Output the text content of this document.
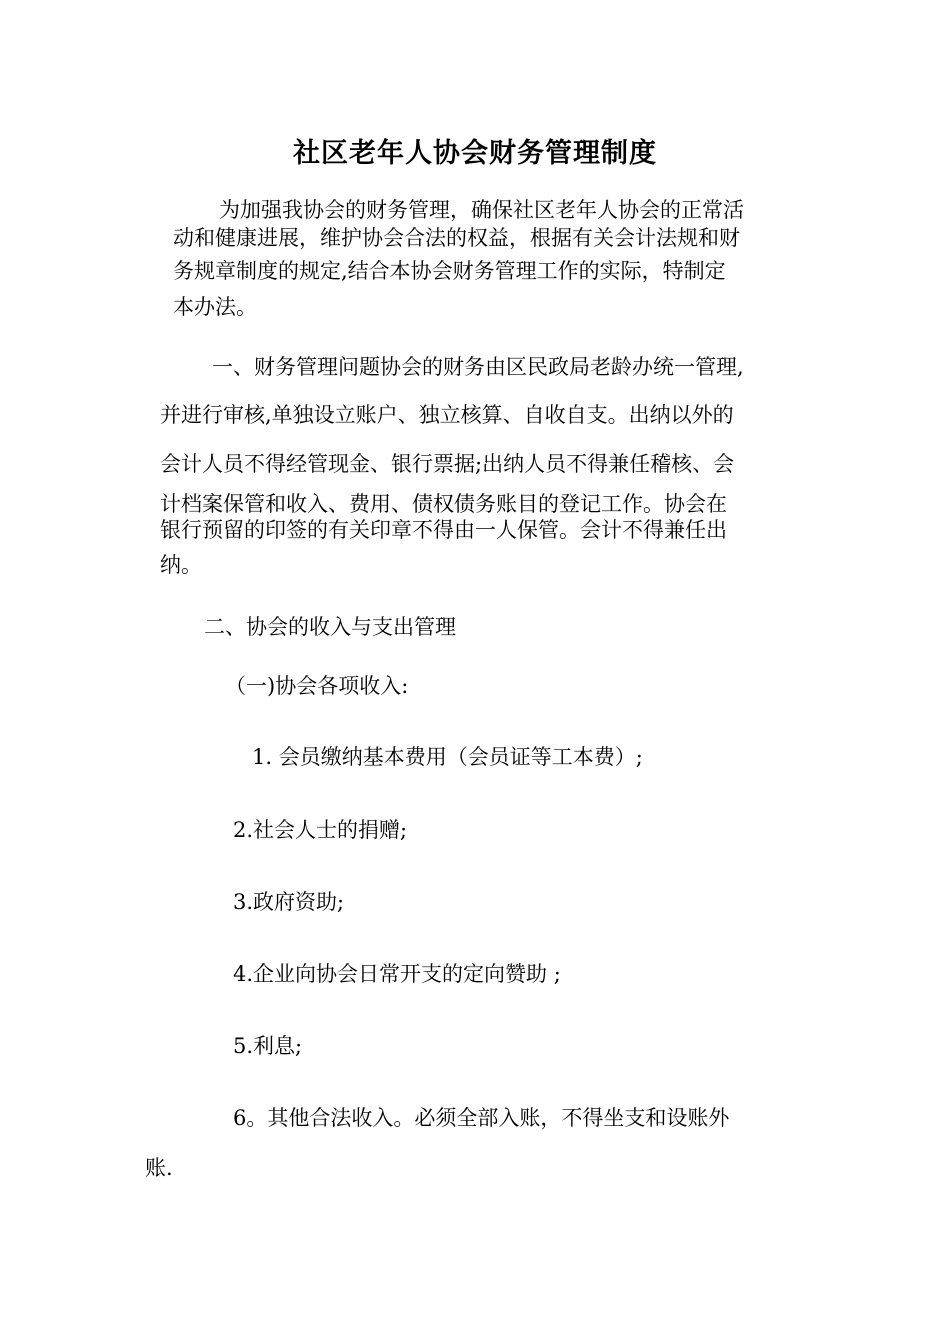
社区老年人协会财务管理制度
为加强我协会的财务管理，确保社区老年人协会的正常活
动和健康进展，维护协会合法的权益，根据有关会计法规和财
务规章制度的规定,结合本协会财务管理工作的实际，特制定
本办法。
一、财务管理问题协会的财务由区民政局老龄办统一管理,
并进行审核,单独设立账户、独立核算、自收自支。出纳以外的
会计人员不得经管现金、银行票据;出纳人员不得兼任稽核、会
计档案保管和收入、费用、债权债务账目的登记工作。协会在
银行预留的印签的有关印章不得由一人保管。会计不得兼任出
纳。
二、协会的收入与支出管理
（一)协会各项收入:
1. 会员缴纳基本费用（会员证等工本费）;
2.社会人士的捐赠;
3.政府资助;
4.企业向协会日常开支的定向赞助 ;
5.利息;
6。其他合法收入。必须全部入账，不得坐支和设账外
账.
